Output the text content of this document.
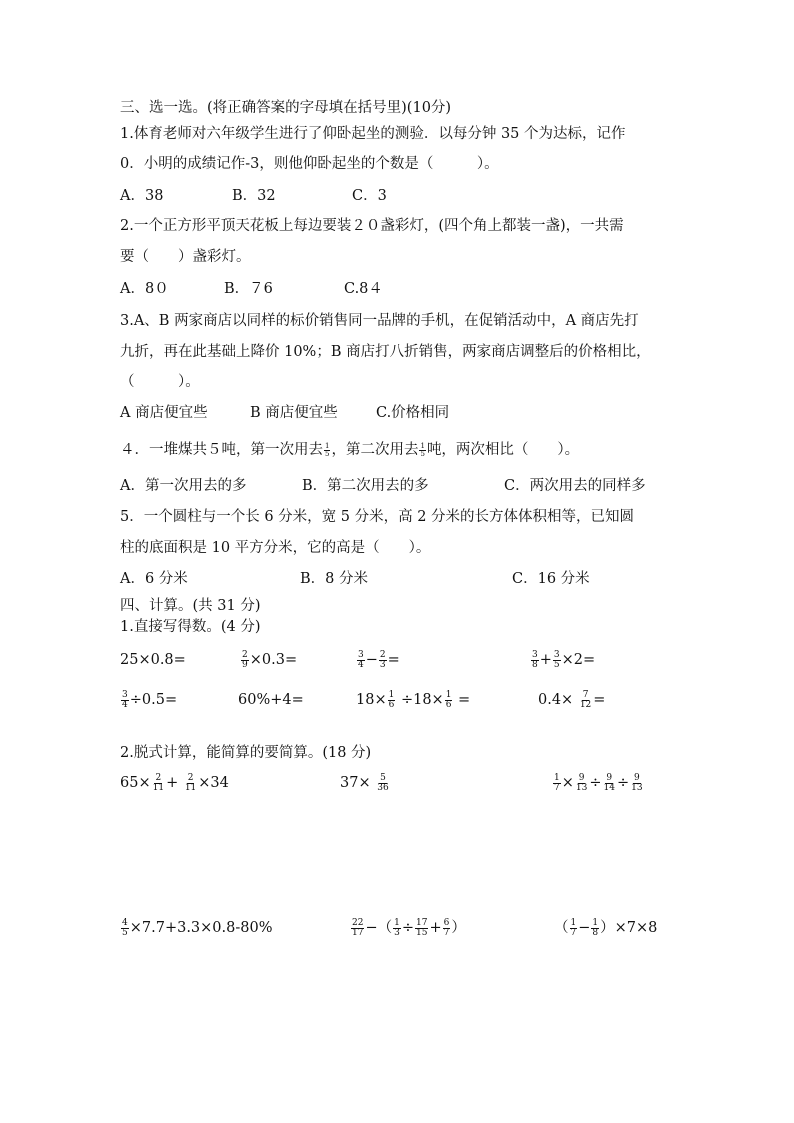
三、选一选。(将正确答案的字母填在括号里)(10分)
1.体育老师对六年级学生进行了仰卧起坐的测验．以每分钟 35 个为达标，记作
0．小明的成绩记作-3，则他仰卧起坐的个数是（　　　）。
A．38	B．32	C．3
2.一个正方形平顶天花板上每边要装２０盏彩灯，(四个角上都装一盏)，一共需
要（　　）盏彩灯。
A．8０	B．７6	C.8４
3.A、B 两家商店以同样的标价销售同一品牌的手机，在促销活动中，A 商店先打
九折，再在此基础上降价 10%；B 商店打八折销售，两家商店调整后的价格相比，
（　　　）。
A 商店便宜些	B 商店便宜些	C.价格相同
４．一堆煤共５吨，第一次用去 $\frac{1}{5}$ ，第二次用去 $\frac{1}{5}$ 吨，两次相比（　　）。
A．第一次用去的多	B．第二次用去的多	C．两次用去的同样多
5．一个圆柱与一个长 6 分米，宽 5 分米，高 2 分米的长方体体积相等，已知圆
柱的底面积是 10 平方分米，它的高是（　　）。
A．6 分米	B．8 分米	C．16 分米
四、计算。(共 31 分)
1.直接写得数。(4 分)
25×0.8=	$\frac{2}{9} \times 0.3=$	$\frac{3}{4} - \frac{2}{3}$ =	$\frac{3}{8} + \frac{3}{5} \times 2=$
$\frac{3}{4} \div 0.5=$	60%+4=	$18\times \frac{1}{6} \div 18\times \frac{1}{6}$ =	$0.4\times \frac{7}{12}$ =
2.脱式计算，能简算的要简算。(18 分)
$65\times \frac{2}{11} + \frac{2}{11} \times 34$	$37\times \frac{5}{36}$	$\frac{1}{7} \times \frac{9}{13} \div \frac{9}{14} \div \frac{9}{13}$
$\frac{4}{5} \times 7.7+3.3\times 0.8-80\%$	$\frac{22}{17}$ −（ $\frac{1}{3} \div \frac{17}{15} + \frac{6}{7}$ ）	（ $\frac{1}{7} - \frac{1}{8} )\times 7\times 8$
